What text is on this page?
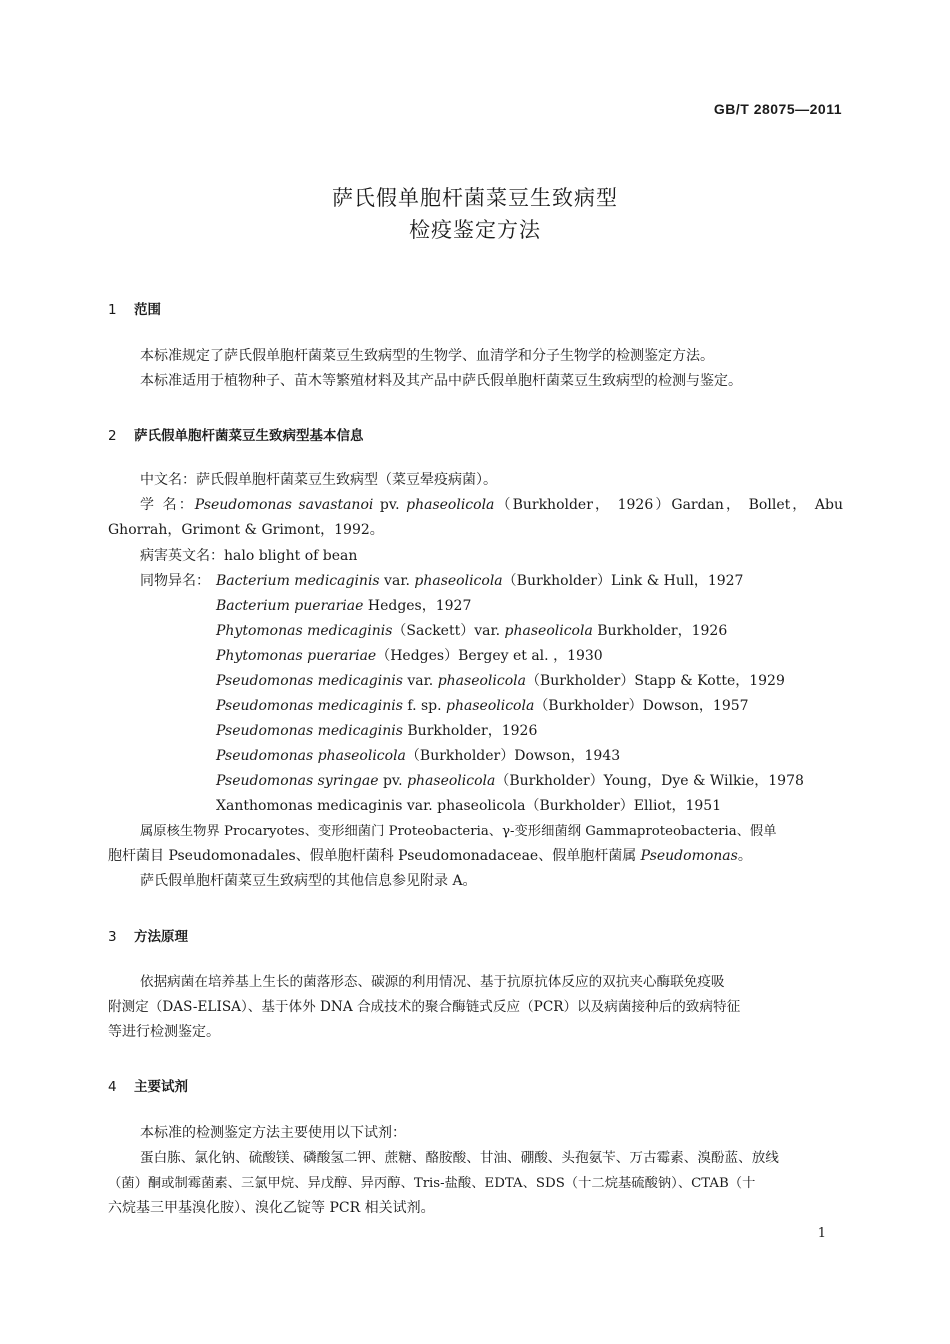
GB/T 28075—2011
萨氏假单胞杆菌菜豆生致病型
检疫鉴定方法
1 范围
本标准规定了萨氏假单胞杆菌菜豆生致病型的生物学、血清学和分子生物学的检测鉴定方法。
本标准适用于植物种子、苗木等繁殖材料及其产品中萨氏假单胞杆菌菜豆生致病型的检测与鉴定。
2 萨氏假单胞杆菌菜豆生致病型基本信息
中文名：萨氏假单胞杆菌菜豆生致病型（菜豆晕疫病菌）。
学 名：Pseudomonas savastanoi pv. phaseolicola（Burkholder， 1926）Gardan， Bollet， Abu
Ghorrah，Grimont & Grimont，1992。
病害英文名：halo blight of bean
同物异名： Bacterium medicaginis var. phaseolicola（Burkholder）Link & Hull，1927
Bacterium puerariae Hedges，1927
Phytomonas medicaginis（Sackett）var. phaseolicola Burkholder，1926
Phytomonas puerariae（Hedges）Bergey et al. ，1930
Pseudomonas medicaginis var. phaseolicola（Burkholder）Stapp & Kotte，1929
Pseudomonas medicaginis f. sp. phaseolicola（Burkholder）Dowson，1957
Pseudomonas medicaginis Burkholder，1926
Pseudomonas phaseolicola（Burkholder）Dowson，1943
Pseudomonas syringae pv. phaseolicola（Burkholder）Young，Dye & Wilkie，1978
Xanthomonas medicaginis var. phaseolicola（Burkholder）Elliot，1951
属原核生物界 Procaryotes、变形细菌门 Proteobacteria、γ-变形细菌纲 Gammaproteobacteria、假单
胞杆菌目 Pseudomonadales、假单胞杆菌科 Pseudomonadaceae、假单胞杆菌属 Pseudomonas。
萨氏假单胞杆菌菜豆生致病型的其他信息参见附录 A。
3 方法原理
依据病菌在培养基上生长的菌落形态、碳源的利用情况、基于抗原抗体反应的双抗夹心酶联免疫吸
附测定（DAS-ELISA）、基于体外 DNA 合成技术的聚合酶链式反应（PCR）以及病菌接种后的致病特征
等进行检测鉴定。
4 主要试剂
本标准的检测鉴定方法主要使用以下试剂：
蛋白胨、氯化钠、硫酸镁、磷酸氢二钾、蔗糖、酪胺酸、甘油、硼酸、头孢氨苄、万古霉素、溴酚蓝、放线
（菌）酮或制霉菌素、三氯甲烷、异戊醇、异丙醇、Tris-盐酸、EDTA、SDS（十二烷基硫酸钠）、CTAB（十
六烷基三甲基溴化胺）、溴化乙锭等 PCR 相关试剂。
1
